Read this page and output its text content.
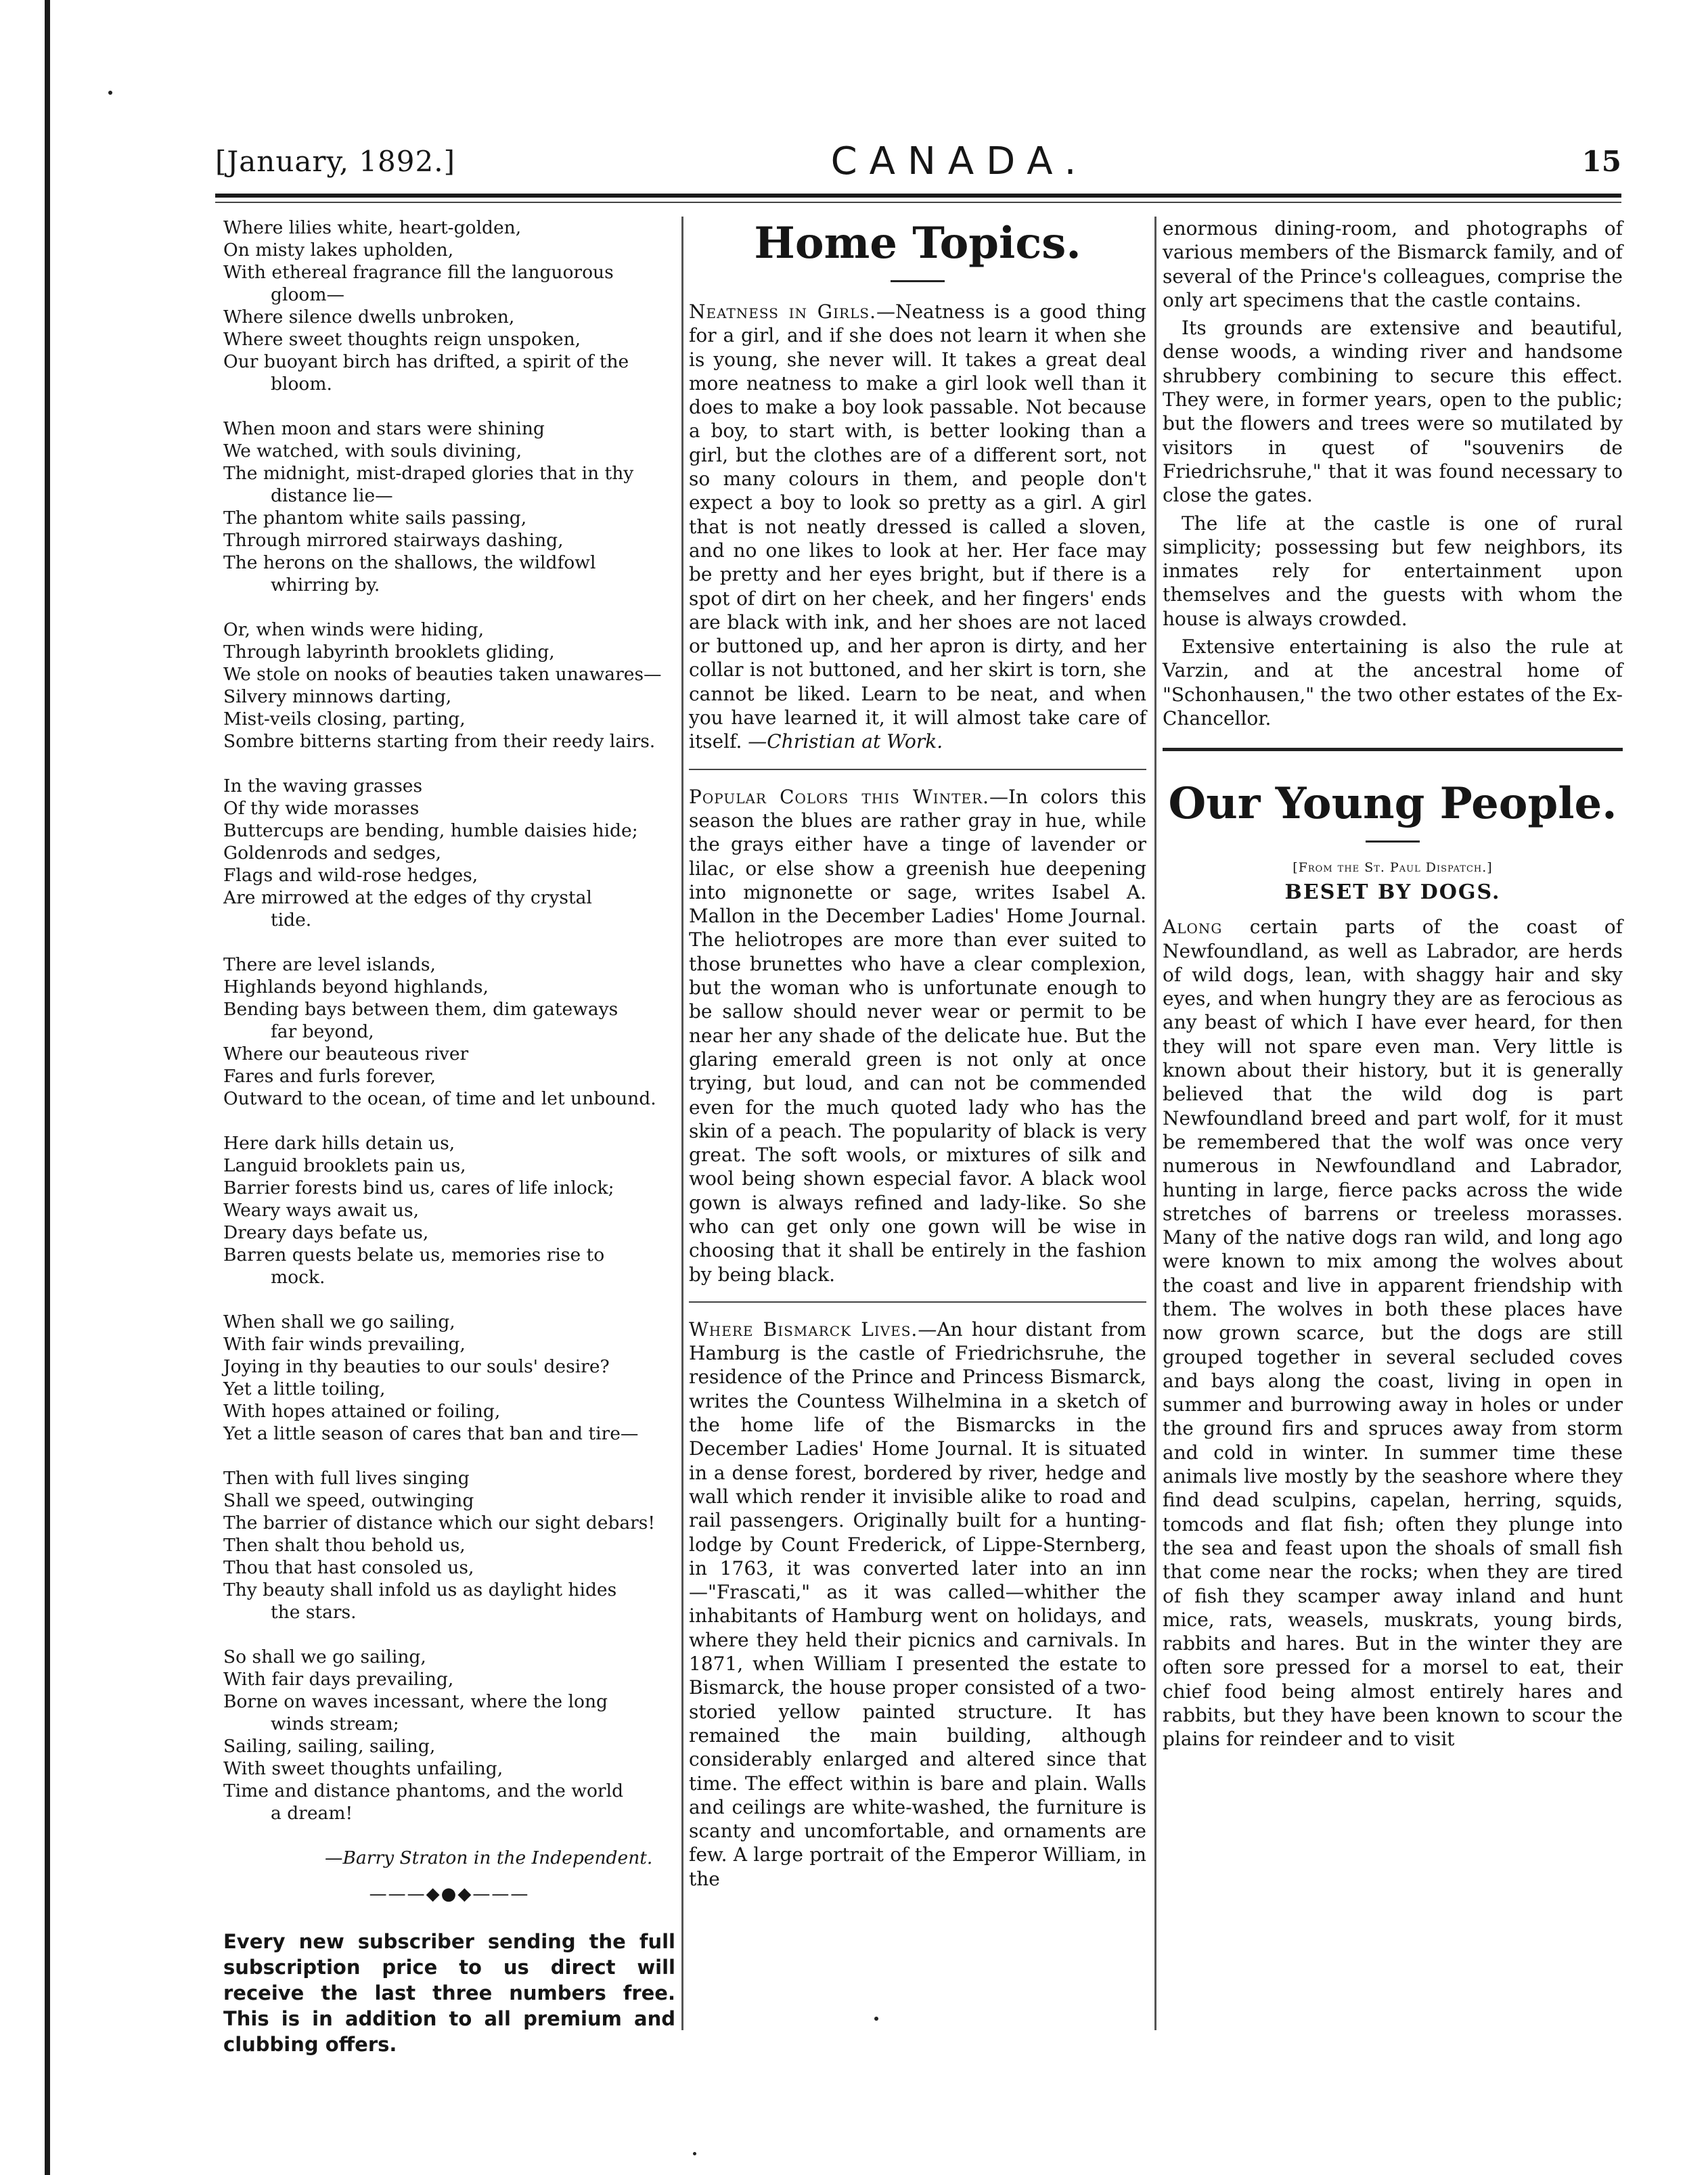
[January, 1892.]	CANADA.	15
Where lilies white, heart-golden,
On misty lakes upholden,
With ethereal fragrance fill the languorous
gloom—
Where silence dwells unbroken,
Where sweet thoughts reign unspoken,
Our buoyant birch has drifted, a spirit of the
bloom.
When moon and stars were shining
We watched, with souls divining,
The midnight, mist-draped glories that in thy
distance lie—
The phantom white sails passing,
Through mirrored stairways dashing,
The herons on the shallows, the wildfowl
whirring by.
Or, when winds were hiding,
Through labyrinth brooklets gliding,
We stole on nooks of beauties taken unawares—
Silvery minnows darting,
Mist-veils closing, parting,
Sombre bitterns starting from their reedy lairs.
In the waving grasses
Of thy wide morasses
Buttercups are bending, humble daisies hide;
Goldenrods and sedges,
Flags and wild-rose hedges,
Are mirrowed at the edges of thy crystal
tide.
There are level islands,
Highlands beyond highlands,
Bending bays between them, dim gateways
far beyond,
Where our beauteous river
Fares and furls forever,
Outward to the ocean, of time and let unbound.
Here dark hills detain us,
Languid brooklets pain us,
Barrier forests bind us, cares of life inlock;
Weary ways await us,
Dreary days befate us,
Barren quests belate us, memories rise to
mock.
When shall we go sailing,
With fair winds prevailing,
Joying in thy beauties to our souls' desire?
Yet a little toiling,
With hopes attained or foiling,
Yet a little season of cares that ban and tire—
Then with full lives singing
Shall we speed, outwinging
The barrier of distance which our sight debars!
Then shalt thou behold us,
Thou that hast consoled us,
Thy beauty shall infold us as daylight hides
the stars.
So shall we go sailing,
With fair days prevailing,
Borne on waves incessant, where the long
winds stream;
Sailing, sailing, sailing,
With sweet thoughts unfailing,
Time and distance phantoms, and the world
a dream!
—Barry Straton in the Independent.
———◆●◆———
Every new subscriber sending the full subscription price to us direct will receive the last three numbers free. This is in addition to all premium and clubbing offers.
Home Topics.

Neatness in Girls.—Neatness is a good thing for a girl, and if she does not learn it when she is young, she never will. It takes a great deal more neatness to make a girl look well than it does to make a boy look passable. Not because a boy, to start with, is better looking than a girl, but the clothes are of a different sort, not so many colours in them, and people don't expect a boy to look so pretty as a girl. A girl that is not neatly dressed is called a sloven, and no one likes to look at her. Her face may be pretty and her eyes bright, but if there is a spot of dirt on her cheek, and her fingers' ends are black with ink, and her shoes are not laced or buttoned up, and her apron is dirty, and her collar is not buttoned, and her skirt is torn, she cannot be liked. Learn to be neat, and when you have learned it, it will almost take care of itself. —Christian at Work.

Popular Colors this Winter.—In colors this season the blues are rather gray in hue, while the grays either have a tinge of lavender or lilac, or else show a greenish hue deepening into mignonette or sage, writes Isabel A. Mallon in the December Ladies' Home Journal. The heliotropes are more than ever suited to those brunettes who have a clear complexion, but the woman who is unfortunate enough to be sallow should never wear or permit to be near her any shade of the delicate hue. But the glaring emerald green is not only at once trying, but loud, and can not be commended even for the much quoted lady who has the skin of a peach. The popularity of black is very great. The soft wools, or mixtures of silk and wool being shown especial favor. A black wool gown is always refined and lady-like. So she who can get only one gown will be wise in choosing that it shall be entirely in the fashion by being black.

Where Bismarck Lives.—An hour distant from Hamburg is the castle of Friedrichsruhe, the residence of the Prince and Princess Bismarck, writes the Countess Wilhelmina in a sketch of the home life of the Bismarcks in the December Ladies' Home Journal. It is situated in a dense forest, bordered by river, hedge and wall which render it invisible alike to road and rail passengers. Originally built for a hunting-lodge by Count Frederick, of Lippe-Sternberg, in 1763, it was converted later into an inn—"Frascati," as it was called—whither the inhabitants of Hamburg went on holidays, and where they held their picnics and carnivals. In 1871, when William I presented the estate to Bismarck, the house proper consisted of a two-storied yellow painted structure. It has remained the main building, although considerably enlarged and altered since that time. The effect within is bare and plain. Walls and ceilings are white-washed, the furniture is scanty and uncomfortable, and ornaments are few. A large portrait of the Emperor William, in the

enormous dining-room, and photographs of various members of the Bismarck family, and of several of the Prince's colleagues, comprise the only art specimens that the castle contains.

Its grounds are extensive and beautiful, dense woods, a winding river and handsome shrubbery combining to secure this effect. They were, in former years, open to the public; but the flowers and trees were so mutilated by visitors in quest of "souvenirs de Friedrichsruhe," that it was found necessary to close the gates.

The life at the castle is one of rural simplicity; possessing but few neighbors, its inmates rely for entertainment upon themselves and the guests with whom the house is always crowded.

Extensive entertaining is also the rule at Varzin, and at the ancestral home of "Schonhausen," the two other estates of the Ex-Chancellor.

Our Young People.
[From the St. Paul Dispatch.]
BESET BY DOGS.

Along certain parts of the coast of Newfoundland, as well as Labrador, are herds of wild dogs, lean, with shaggy hair and sky eyes, and when hungry they are as ferocious as any beast of which I have ever heard, for then they will not spare even man. Very little is known about their history, but it is generally believed that the wild dog is part Newfoundland breed and part wolf, for it must be remembered that the wolf was once very numerous in Newfoundland and Labrador, hunting in large, fierce packs across the wide stretches of barrens or treeless morasses. Many of the native dogs ran wild, and long ago were known to mix among the wolves about the coast and live in apparent friendship with them. The wolves in both these places have now grown scarce, but the dogs are still grouped together in several secluded coves and bays along the coast, living in open in summer and burrowing away in holes or under the ground firs and spruces away from storm and cold in winter. In summer time these animals live mostly by the seashore where they find dead sculpins, capelan, herring, squids, tomcods and flat fish; often they plunge into the sea and feast upon the shoals of small fish that come near the rocks; when they are tired of fish they scamper away inland and hunt mice, rats, weasels, muskrats, young birds, rabbits and hares. But in the winter they are often sore pressed for a morsel to eat, their chief food being almost entirely hares and rabbits, but they have been known to scour the plains for reindeer and to visit
